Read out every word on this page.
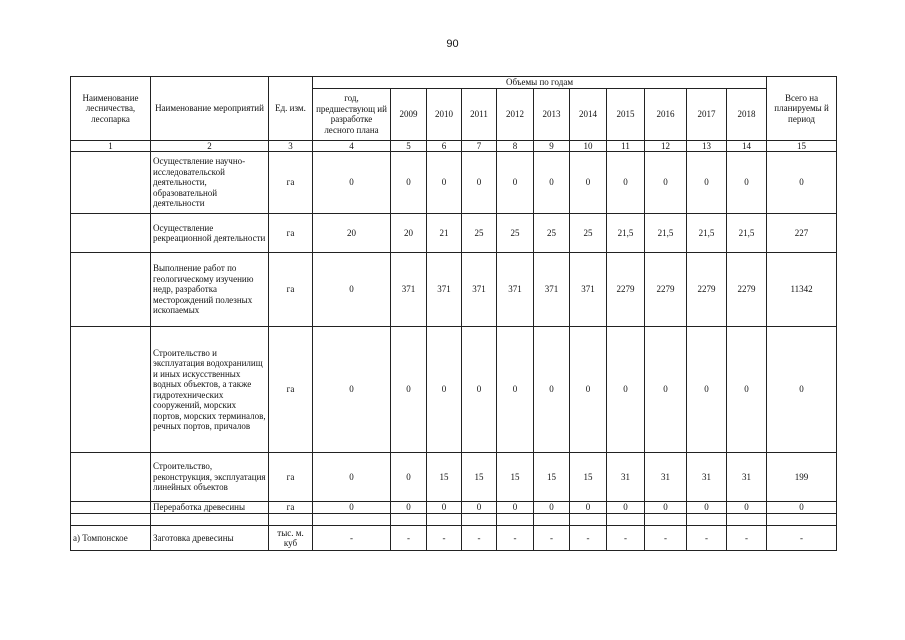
90
Наименование лесничества, лесопарка	Наименование мероприятий	Ед. изм.	Объемы по годам											Всего на планируемы й период
			год, предшествующ ий разработке лесного плана	2009	2010	2011	2012	2013	2014	2015	2016	2017	2018	
1	2	3	4	5	6	7	8	9	10	11	12	13	14	15
	Осуществление научно-исследовательской деятельности, образовательной деятельности	га	0	0	0	0	0	0	0	0	0	0	0	0
	Осуществление рекреационной деятельности	га	20	20	21	25	25	25	25	21,5	21,5	21,5	21,5	227
	Выполнение работ по геологическому изучению недр, разработка месторождений полезных ископаемых	га	0	371	371	371	371	371	371	2279	2279	2279	2279	11342
	Строительство и эксплуатация водохранилищ и иных искусственных водных объектов, а также гидротехнических сооружений, морских портов, морских терминалов, речных портов, причалов	га	0	0	0	0	0	0	0	0	0	0	0	0
	Строительство, реконструкция, эксплуатация линейных объектов	га	0	0	15	15	15	15	15	31	31	31	31	199
	Переработка древесины	га	0	0	0	0	0	0	0	0	0	0	0	0

а) Томпонское	Заготовка древесины	тыс. м. куб	-	-	-	-	-	-	-	-	-	-	-	-
